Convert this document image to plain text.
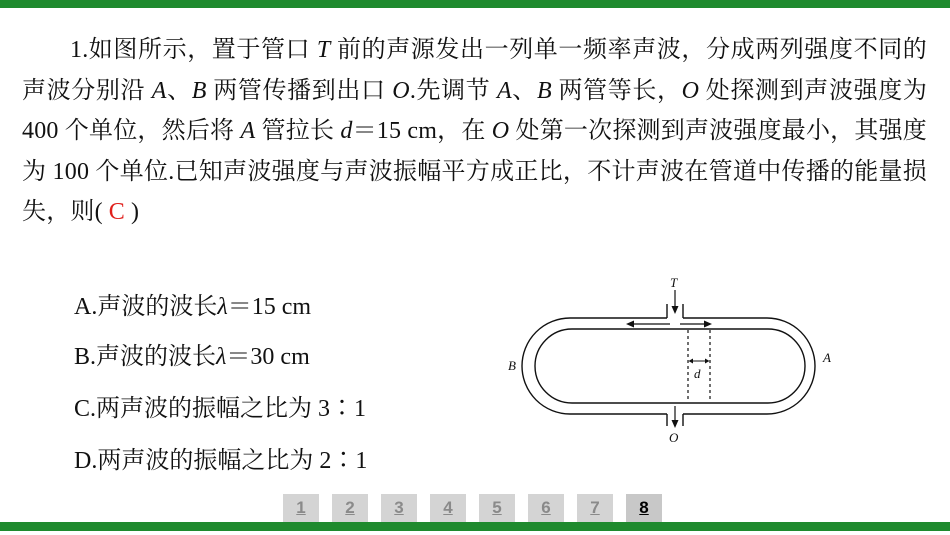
1.如图所示，置于管口 T 前的声源发出一列单一频率声波，分成两列强度不同的声波分别沿 A、B 两管传播到出口 O.先调节 A、B 两管等长，O 处探测到声波强度为 400 个单位，然后将 A 管拉长 d＝15 cm，在 O 处第一次探测到声波强度最小，其强度为 100 个单位.已知声波强度与声波振幅平方成正比，不计声波在管道中传播的能量损失，则( C )
A.声波的波长λ＝15 cm
B.声波的波长λ＝30 cm
C.两声波的振幅之比为 3∶1
D.两声波的振幅之比为 2∶1
T
B
A
d
O
1	2	3	4	5	6	7	8
